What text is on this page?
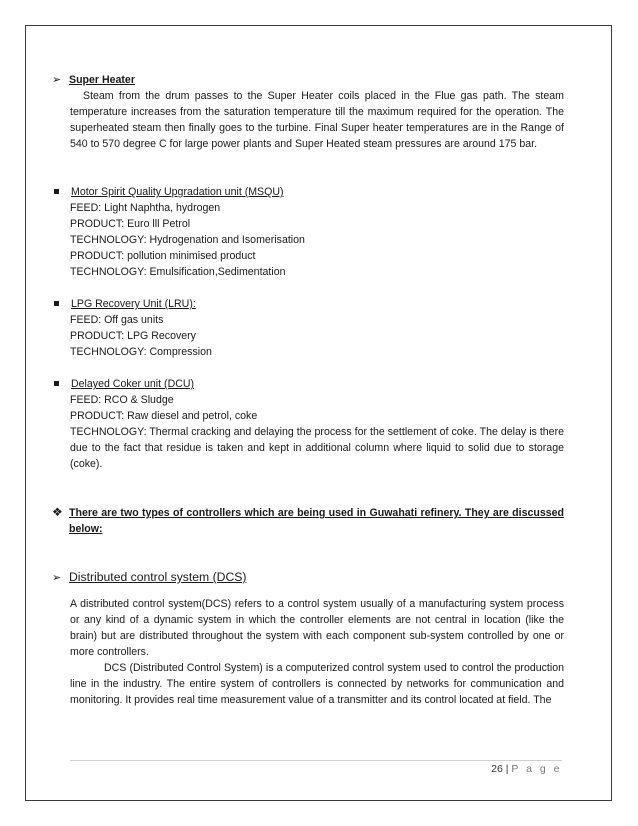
➢ Super Heater
Steam from the drum passes to the Super Heater coils placed in the Flue gas path. The steam temperature increases from the saturation temperature till the maximum required for the operation. The superheated steam then finally goes to the turbine. Final Super heater temperatures are in the Range of 540 to 570 degree C for large power plants and Super Heated steam pressures are around 175 bar.
Motor Spirit Quality Upgradation unit (MSQU)
FEED: Light Naphtha, hydrogen
PRODUCT: Euro lll Petrol
TECHNOLOGY: Hydrogenation and Isomerisation
PRODUCT: pollution minimised product
TECHNOLOGY: Emulsification,Sedimentation
LPG Recovery Unit (LRU):
FEED: Off gas units
PRODUCT: LPG Recovery
TECHNOLOGY: Compression
Delayed Coker unit (DCU)
FEED: RCO & Sludge
PRODUCT: Raw diesel and petrol, coke
TECHNOLOGY: Thermal cracking and delaying the process for the settlement of coke. The delay is there due to the fact that residue is taken and kept in additional column where liquid to solid due to storage (coke).
❖ There are two types of controllers which are being used in Guwahati refinery. They are discussed below:
➢ Distributed control system (DCS)
A distributed control system(DCS) refers to a control system usually of a manufacturing system process or any kind of a dynamic system in which the controller elements are not central in location (like the brain) but are distributed throughout the system with each component sub-system controlled by one or more controllers.
DCS (Distributed Control System) is a computerized control system used to control the production line in the industry. The entire system of controllers is connected by networks for communication and monitoring. It provides real time measurement value of a transmitter and its control located at field. The
26 | P a g e
